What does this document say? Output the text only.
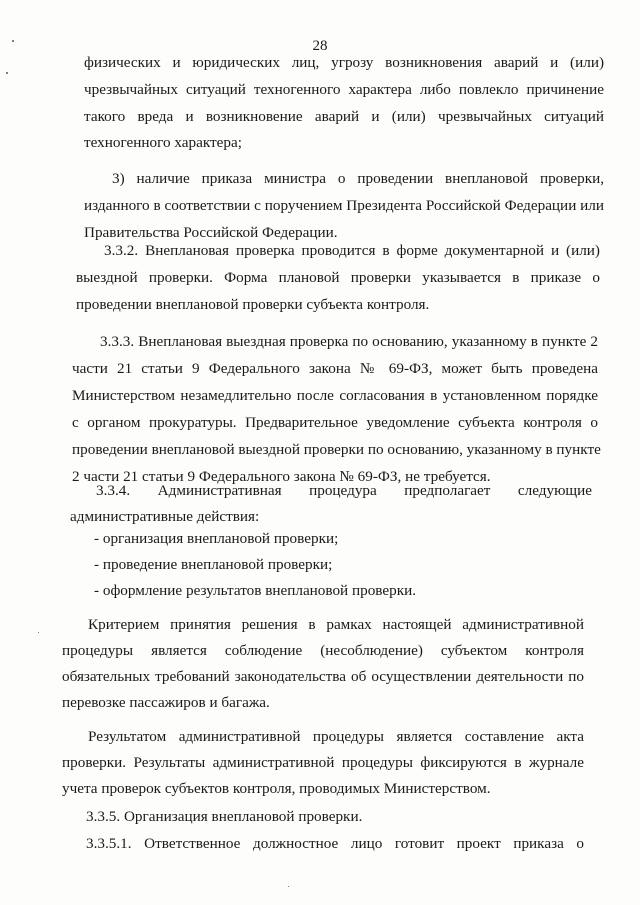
28
физических и юридических лиц, угрозу возникновения аварий и (или)
чрезвычайных ситуаций техногенного характера либо повлекло причинение
такого вреда и возникновение аварий и (или) чрезвычайных ситуаций
техногенного характера;
3) наличие приказа министра о проведении внеплановой проверки,
изданного в соответствии с поручением Президента Российской Федерации или
Правительства Российской Федерации.
3.3.2. Внеплановая проверка проводится в форме документарной и (или)
выездной проверки. Форма плановой проверки указывается в приказе о
проведении внеплановой проверки субъекта контроля.
3.3.3. Внеплановая выездная проверка по основанию, указанному в пункте 2
части 21 статьи 9 Федерального закона № 69-ФЗ, может быть проведена
Министерством незамедлительно после согласования в установленном порядке
с органом прокуратуры. Предварительное уведомление субъекта контроля о
проведении внеплановой выездной проверки по основанию, указанному в пункте
2 части 21 статьи 9 Федерального закона № 69-ФЗ, не требуется.
3.3.4. Административная процедура предполагает следующие
административные действия:
- организация внеплановой проверки;
- проведение внеплановой проверки;
- оформление результатов внеплановой проверки.
Критерием принятия решения в рамках настоящей административной
процедуры является соблюдение (несоблюдение) субъектом контроля
обязательных требований законодательства об осуществлении деятельности по
перевозке пассажиров и багажа.
Результатом административной процедуры является составление акта
проверки. Результаты административной процедуры фиксируются в журнале
учета проверок субъектов контроля, проводимых Министерством.
3.3.5. Организация внеплановой проверки.
3.3.5.1. Ответственное должностное лицо готовит проект приказа о
